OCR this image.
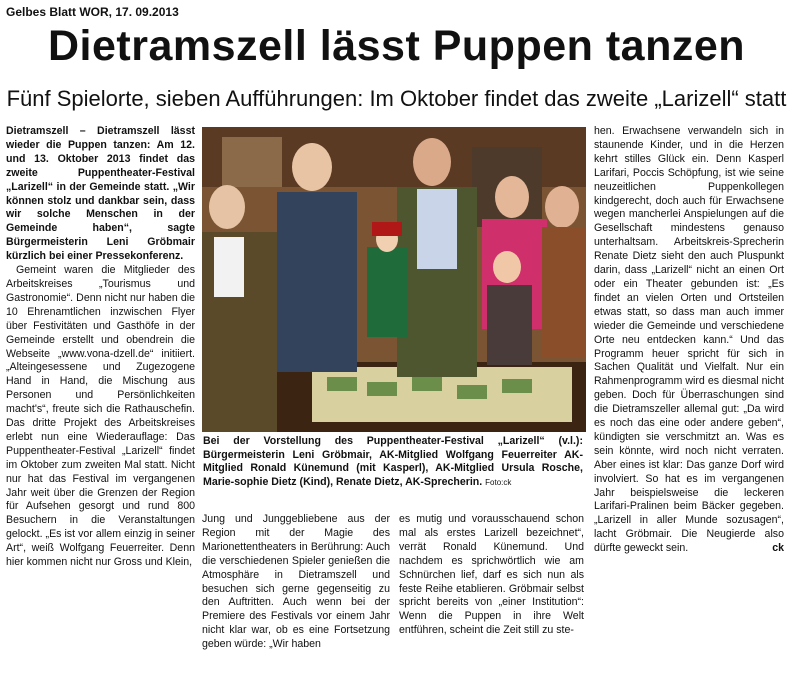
Gelbes Blatt WOR, 17. 09.2013
Dietramszell lässt Puppen tanzen
Fünf Spielorte, sieben Aufführungen: Im Oktober findet das zweite „Larizell“ statt

Dietramszell – Dietramszell lässt wieder die Puppen tanzen: Am 12. und 13. Oktober 2013 findet das zweite Puppentheater-Festival „Larizell“ in der Gemeinde statt. „Wir können stolz und dankbar sein, dass wir solche Menschen in der Gemeinde haben“, sagte Bürgermeisterin Leni Gröbmair kürzlich bei einer Pressekonferenz.

Gemeint waren die Mitglieder des Arbeitskreises „Tourismus und Gastronomie“. Denn nicht nur haben die 10 Ehrenamtlichen inzwischen Flyer über Festivitäten und Gasthöfe in der Gemeinde erstellt und obendrein die Webseite „www.vona-dzell.de“ initiiert. „Alteingesessene und Zugezogene Hand in Hand, die Mischung aus Personen und Persönlichkeiten macht's“, freute sich die Rathauschefin. Das dritte Projekt des Arbeitskreises erlebt nun eine Wiederauflage: Das Puppentheater-Festival „Larizell“ findet im Oktober zum zweiten Mal statt. Nicht nur hat das Festival im vergangenen Jahr weit über die Grenzen der Region für Aufsehen gesorgt und rund 800 Besuchern in die Veranstaltungen gelockt. „Es ist vor allem einzig in seiner Art“, weiß Wolfgang Feuerreiter. Denn hier kommen nicht nur Gross und Klein,

Bei der Vorstellung des Puppentheater-Festival „Larizell“ (v.l.): Bürgermeisterin Leni Gröbmair, AK-Mitglied Wolfgang Feuerreiter AK-Mitglied Ronald Künemund (mit Kasperl), AK-Mitglied Ursula Rosche, Marie-sophie Dietz (Kind), Renate Dietz, AK-Sprecherin. Foto:ck

Jung und Junggebliebene aus der Region mit der Magie des Marionettentheaters in Berührung: Auch die verschiedenen Spieler genießen die Atmosphäre in Dietramszell und besuchen sich gerne gegenseitig zu den Auftritten. Auch wenn bei der Premiere des Festivals vor einem Jahr nicht klar war, ob es eine Fortsetzung geben würde: „Wir haben

es mutig und vorausschauend schon mal als erstes Larizell bezeichnet“, verrät Ronald Künemund. Und nachdem es sprichwörtlich wie am Schnürchen lief, darf es sich nun als feste Reihe etablieren. Gröbmair selbst spricht bereits von „einer Institution“: Wenn die Puppen in ihre Welt entführen, scheint die Zeit still zu ste-

hen. Erwachsene verwandeln sich in staunende Kinder, und in die Herzen kehrt stilles Glück ein. Denn Kasperl Larifari, Poccis Schöpfung, ist wie seine neuzeitlichen Puppenkollegen kindgerecht, doch auch für Erwachsene wegen mancherlei Anspielungen auf die Gesellschaft mindestens genauso unterhaltsam. Arbeitskreis-Sprecherin Renate Dietz sieht den auch Pluspunkt darin, dass „Larizell“ nicht an einen Ort oder ein Theater gebunden ist: „Es findet an vielen Orten und Ortsteilen etwas statt, so dass man auch immer wieder die Gemeinde und verschiedene Orte neu entdecken kann.“ Und das Programm heuer spricht für sich in Sachen Qualität und Vielfalt. Nur ein Rahmenprogramm wird es diesmal nicht geben. Doch für Überraschungen sind die Dietramszeller allemal gut: „Da wird es noch das eine oder andere geben“, kündigten sie verschmitzt an. Was es sein könnte, wird noch nicht verraten. Aber eines ist klar: Das ganze Dorf wird involviert. So hat es im vergangenen Jahr beispielsweise die leckeren Larifari-Pralinen beim Bäcker gegeben. „Larizell in aller Munde sozusagen“, lacht Gröbmair. Die Neugierde also dürfte geweckt sein.	ck
